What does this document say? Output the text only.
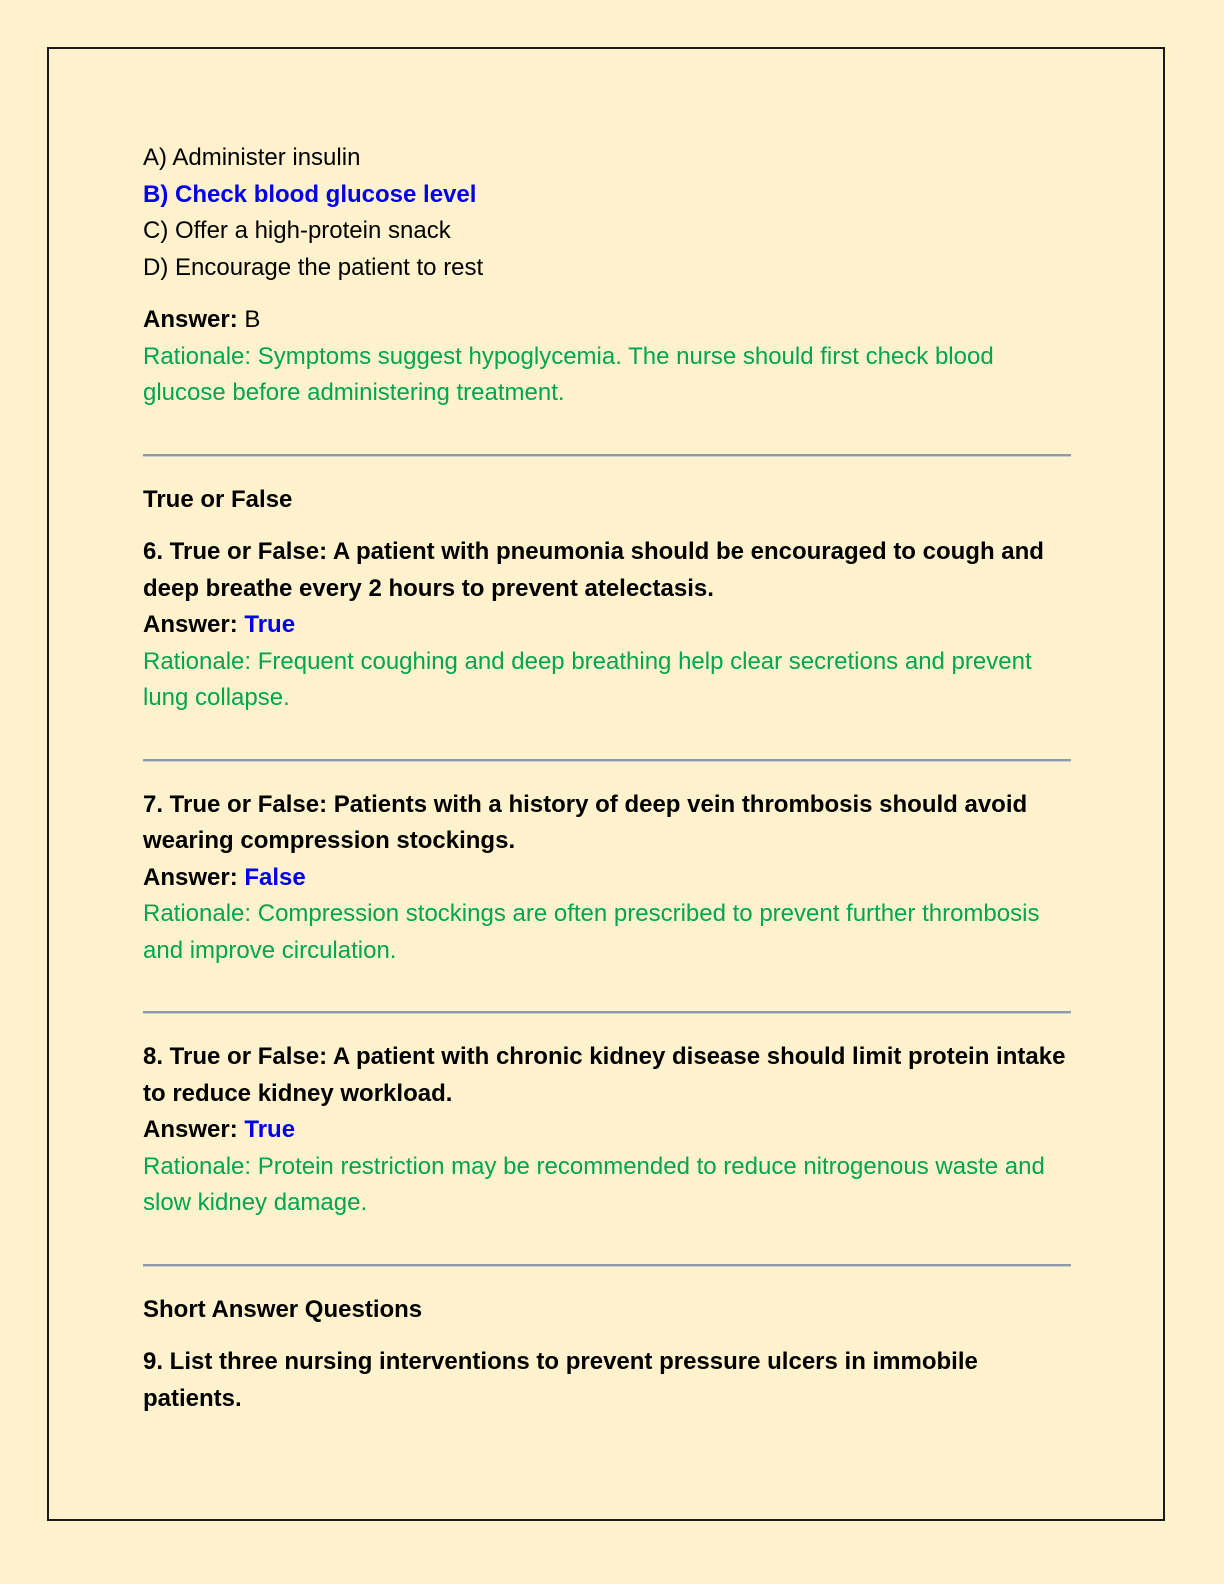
A) Administer insulin

B) Check blood glucose level

C) Offer a high-protein snack

D) Encourage the patient to rest

Answer: B

Rationale: Symptoms suggest hypoglycemia. The nurse should first check blood glucose before administering treatment.

True or False

6. True or False: A patient with pneumonia should be encouraged to cough and deep breathe every 2 hours to prevent atelectasis.

Answer: True

Rationale: Frequent coughing and deep breathing help clear secretions and prevent lung collapse.

7. True or False: Patients with a history of deep vein thrombosis should avoid wearing compression stockings.

Answer: False

Rationale: Compression stockings are often prescribed to prevent further thrombosis and improve circulation.

8. True or False: A patient with chronic kidney disease should limit protein intake to reduce kidney workload.

Answer: True

Rationale: Protein restriction may be recommended to reduce nitrogenous waste and slow kidney damage.

Short Answer Questions

9. List three nursing interventions to prevent pressure ulcers in immobile patients.
